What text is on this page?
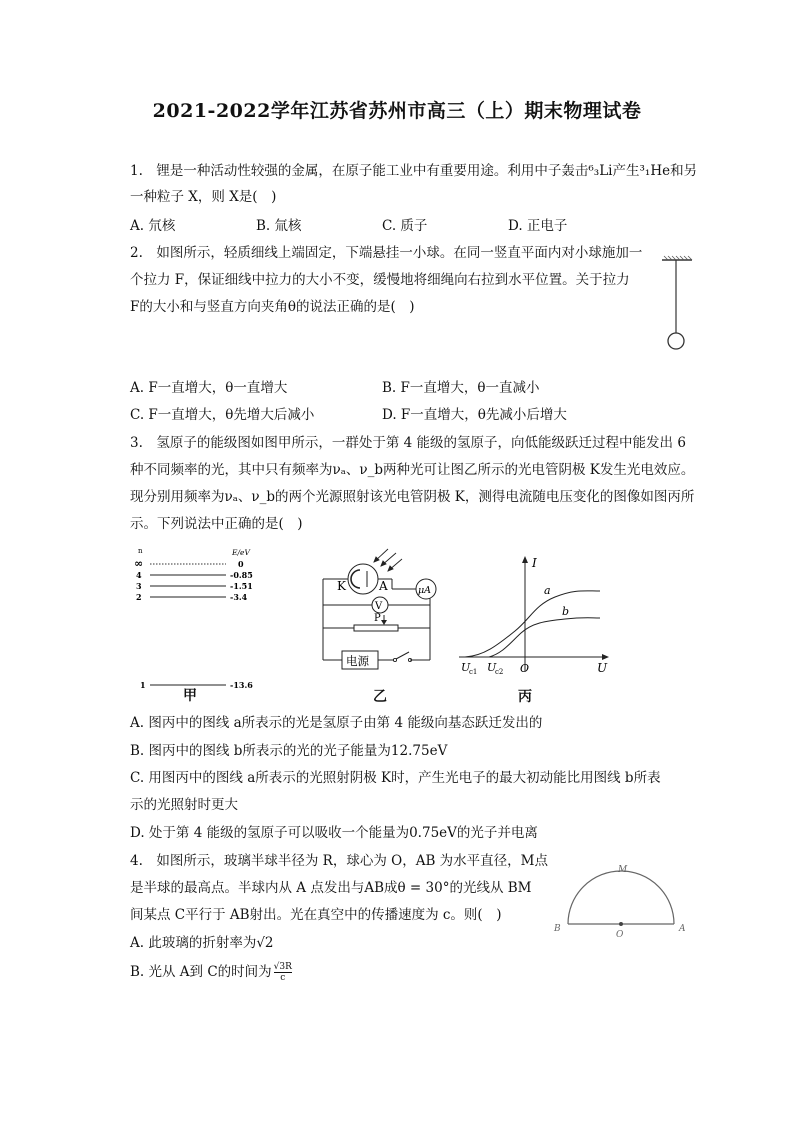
2021-2022学年江苏省苏州市高三（上）期末物理试卷
1.　锂是一种活动性较强的金属，在原子能工业中有重要用途。利用中子轰击⁶₃Li产生³₁He和另
一种粒子 X，则 X是(　)
A. 氘核	B. 氚核	C. 质子	D. 正电子
2.　如图所示，轻质细线上端固定，下端悬挂一小球。在同一竖直平面内对小球施加一
个拉力 F，保证细线中拉力的大小不变，缓慢地将细绳向右拉到水平位置。关于拉力
F的大小和与竖直方向夹角θ的说法正确的是(　)
A. F一直增大，θ一直增大	B. F一直增大，θ一直减小
C. F一直增大，θ先增大后减小	D. F一直增大，θ先减小后增大
3.　氢原子的能级图如图甲所示，一群处于第 4 能级的氢原子，向低能级跃迁过程中能发出 6
种不同频率的光，其中只有频率为νₐ、ν_b两种光可让图乙所示的光电管阴极 K发生光电效应。
现分别用频率为νₐ、ν_b的两个光源照射该光电管阴极 K，测得电流随电压变化的图像如图丙所
示。下列说法中正确的是(　)
n	E/eV
∞	0
4	-0.85
3	-1.51
2	-3.4
1	-13.6
甲
K	A	μA
V
P
电源
乙
I
U
O
a
b
U
c1 U
c2
丙
A. 图丙中的图线 a所表示的光是氢原子由第 4 能级向基态跃迁发出的
B. 图丙中的图线 b所表示的光的光子能量为12.75eV
C. 用图丙中的图线 a所表示的光照射阴极 K时，产生光电子的最大初动能比用图线 b所表
示的光照射时更大
D. 处于第 4 能级的氢原子可以吸收一个能量为0.75eV的光子并电离
4.　如图所示，玻璃半球半径为 R，球心为 O，AB 为水平直径，M点
是半球的最高点。半球内从 A 点发出与AB成θ = 30°的光线从 BM
间某点 C平行于 AB射出。光在真空中的传播速度为 c。则(　)
A. 此玻璃的折射率为√2
B. 光从 A到 C的时间为 $\frac{√3R}{c}$
M
B
O
A
